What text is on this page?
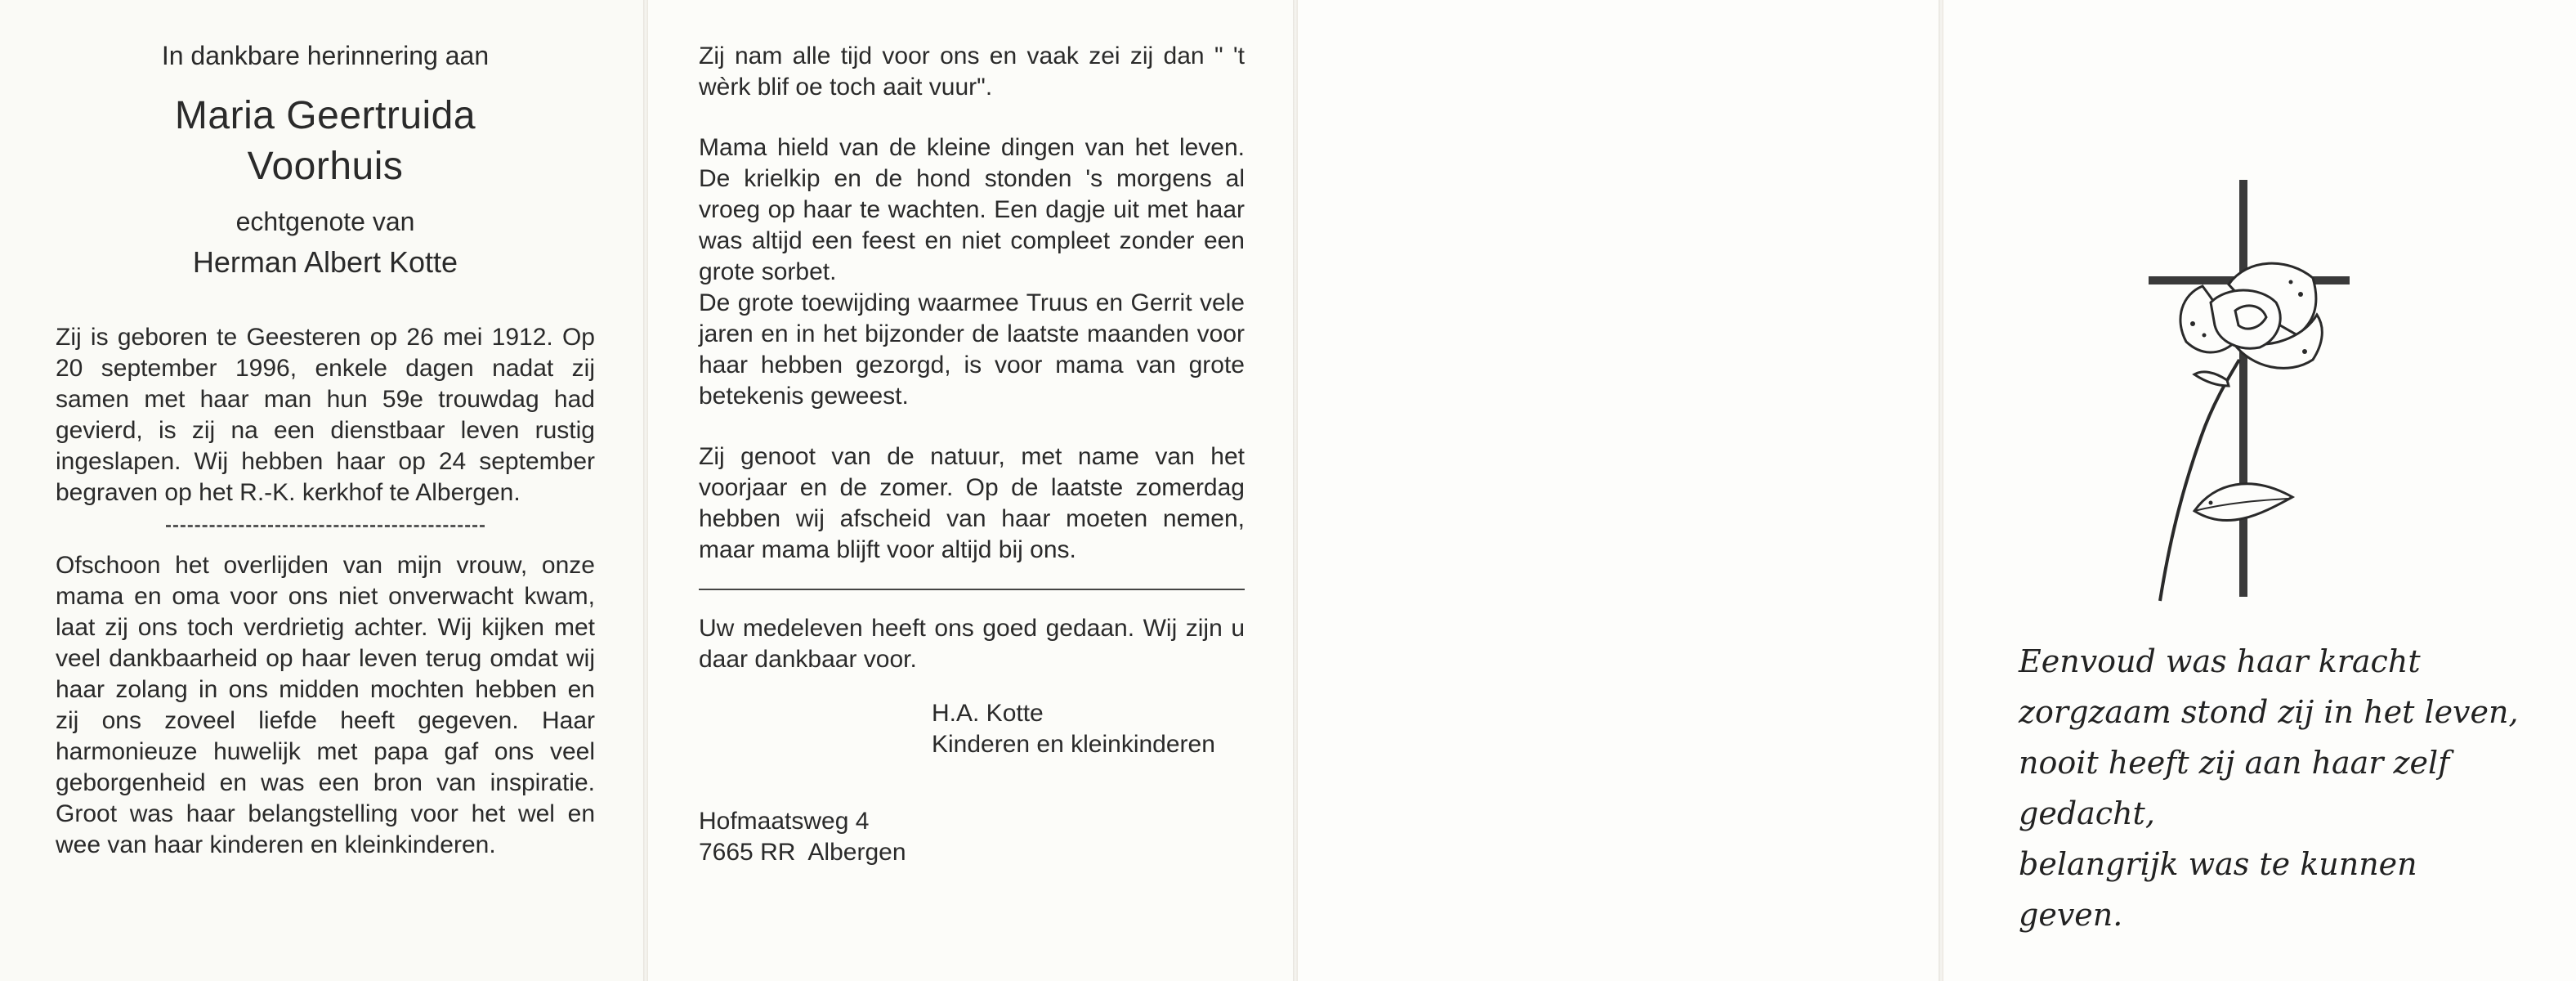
In dankbare herinnering aan

Maria Geertruida

Voorhuis

echtgenote van

Herman Albert Kotte

Zij is geboren te Geesteren op 26 mei 1912. Op 20 september 1996, enkele dagen nadat zij samen met haar man hun 59e trouwdag had gevierd, is zij na een dienstbaar leven rustig ingeslapen. Wij hebben haar op 24 september begraven op het R.-K. kerkhof te Albergen.

Ofschoon het overlijden van mijn vrouw, onze mama en oma voor ons niet onverwacht kwam, laat zij ons toch verdrietig achter. Wij kijken met veel dankbaarheid op haar leven terug omdat wij haar zolang in ons midden mochten hebben en zij ons zoveel liefde heeft gegeven. Haar harmonieuze huwelijk met papa gaf ons veel geborgenheid en was een bron van inspiratie. Groot was haar belangstelling voor het wel en wee van haar kinderen en kleinkinderen.

Zij nam alle tijd voor ons en vaak zei zij dan " 't wèrk blif oe toch aait vuur".

Mama hield van de kleine dingen van het leven. De krielkip en de hond stonden 's morgens al vroeg op haar te wachten. Een dagje uit met haar was altijd een feest en niet compleet zonder een grote sorbet.

De grote toewijding waarmee Truus en Gerrit vele jaren en in het bijzonder de laatste maanden voor haar hebben gezorgd, is voor mama van grote betekenis geweest.

Zij genoot van de natuur, met name van het voorjaar en de zomer. Op de laatste zomerdag hebben wij afscheid van haar moeten nemen, maar mama blijft voor altijd bij ons.

Uw medeleven heeft ons goed gedaan. Wij zijn u daar dankbaar voor.

H.A. Kotte
Kinderen en kleinkinderen
Hofmaatsweg 4
7665 RR  Albergen
Eenvoud was haar kracht
zorgzaam stond zij in het leven,
nooit heeft zij aan haar zelf gedacht,
belangrijk was te kunnen geven.
